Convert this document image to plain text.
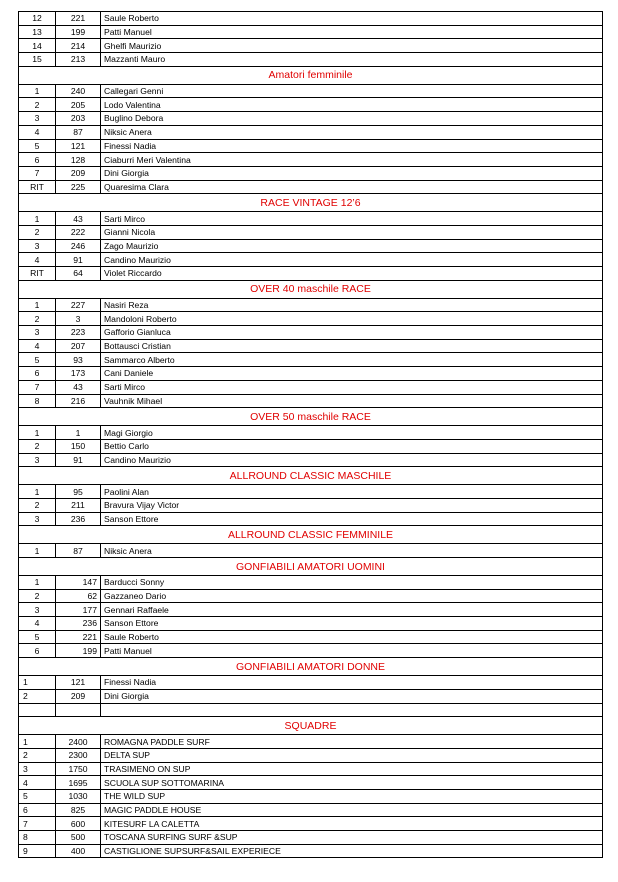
12	221	Saule Roberto
13	199	Patti Manuel
14	214	Ghelfi Maurizio
15	213	Mazzanti Mauro
Amatori femminile		
1	240	Callegari Genni
2	205	Lodo Valentina
3	203	Buglino Debora
4	87	Niksic Anera
5	121	Finessi Nadia
6	128	Ciaburri Meri Valentina
7	209	Dini Giorgia
RIT	225	Quaresima Clara
RACE VINTAGE 12’6		
1	43	Sarti Mirco
2	222	Gianni Nicola
3	246	Zago Maurizio
4	91	Candino Maurizio
RIT	64	Violet Riccardo
OVER 40 maschile RACE		
1	227	Nasiri Reza
2	3	Mandoloni Roberto
3	223	Gafforio Gianluca
4	207	Bottausci Cristian
5	93	Sammarco Alberto
6	173	Cani Daniele
7	43	Sarti Mirco
8	216	Vauhnik Mihael
OVER 50 maschile RACE		
1	1	Magi Giorgio
2	150	Bettio Carlo
3	91	Candino Maurizio
ALLROUND CLASSIC MASCHILE		
1	95	Paolini Alan
2	211	Bravura Vijay Victor
3	236	Sanson Ettore
ALLROUND CLASSIC FEMMINILE		
1	87	Niksic Anera
GONFIABILI AMATORI UOMINI		
1	147	Barducci Sonny
2	62	Gazzaneo Dario
3	177	Gennari Raffaele
4	236	Sanson Ettore
5	221	Saule Roberto
6	199	Patti Manuel
GONFIABILI AMATORI DONNE		
1	121	Finessi Nadia
2	209	Dini Giorgia

SQUADRE		
1	2400	ROMAGNA PADDLE SURF
2	2300	DELTA SUP
3	1750	TRASIMENO ON SUP
4	1695	SCUOLA SUP SOTTOMARINA
5	1030	THE WILD SUP
6	825	MAGIC PADDLE HOUSE
7	600	KITESURF LA CALETTA
8	500	TOSCANA SURFING SURF &SUP
9	400	CASTIGLIONE SUPSURF&SAIL EXPERIECE
